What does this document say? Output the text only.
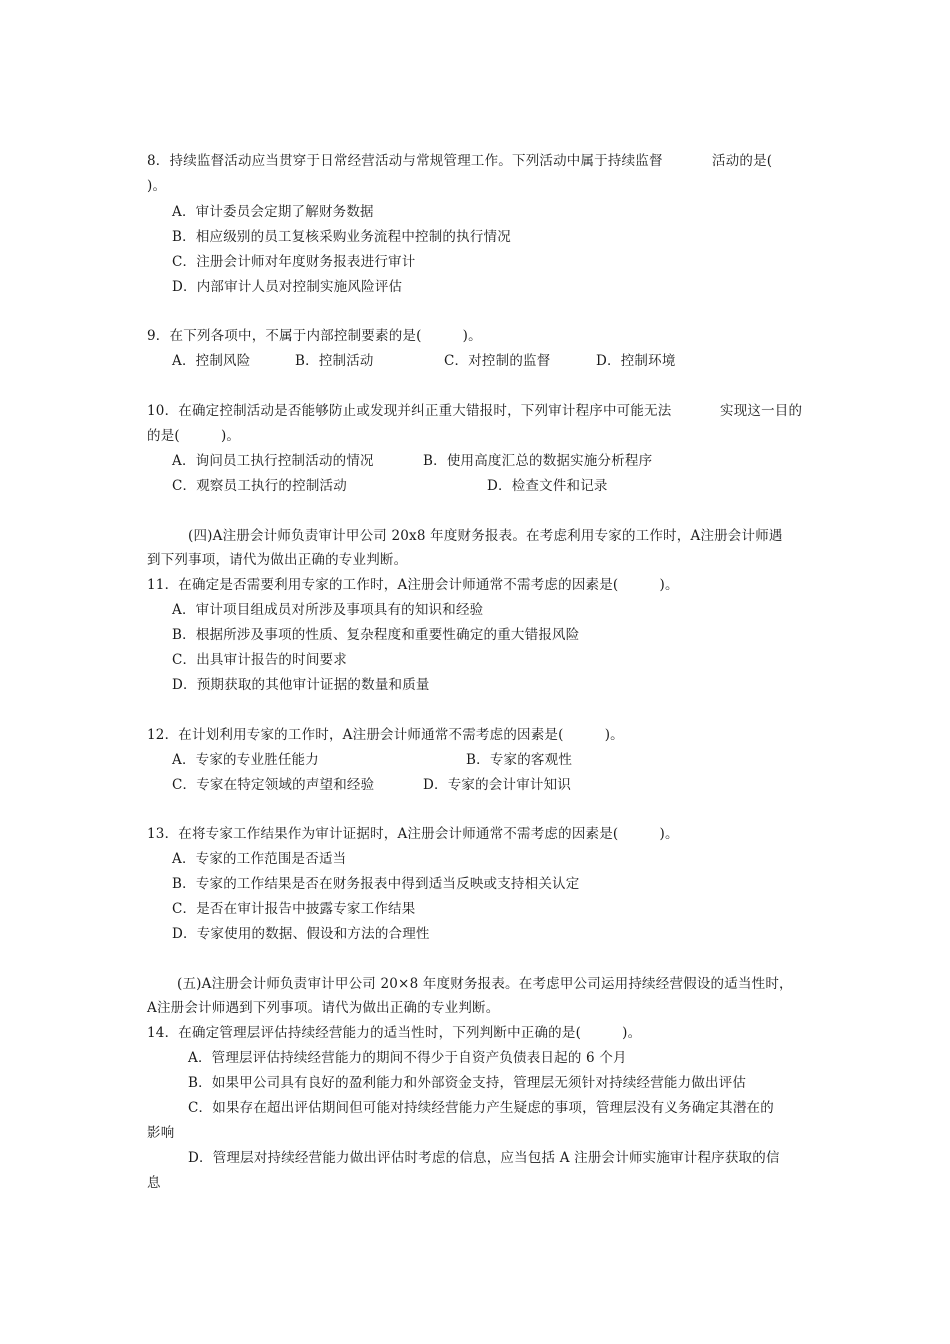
8．持续监督活动应当贯穿于日常经营活动与常规管理工作。下列活动中属于持续监督	活动的是(
)。
A．审计委员会定期了解财务数据
B．相应级别的员工复核采购业务流程中控制的执行情况
C．注册会计师对年度财务报表进行审计
D．内部审计人员对控制实施风险评估
9．在下列各项中，不属于内部控制要素的是(　　　)。
A．控制风险	B．控制活动	C．对控制的监督	D．控制环境
10．在确定控制活动是否能够防止或发现并纠正重大错报时，下列审计程序中可能无法	实现这一目的
的是(　　　)。
A．询问员工执行控制活动的情况	B．使用高度汇总的数据实施分析程序
C．观察员工执行的控制活动	D．检查文件和记录
(四)A注册会计师负责审计甲公司 20x8 年度财务报表。在考虑利用专家的工作时，A注册会计师遇
到下列事项，请代为做出正确的专业判断。
11．在确定是否需要利用专家的工作时，A注册会计师通常不需考虑的因素是(　　　)。
A．审计项目组成员对所涉及事项具有的知识和经验
B．根据所涉及事项的性质、复杂程度和重要性确定的重大错报风险
C．出具审计报告的时间要求
D．预期获取的其他审计证据的数量和质量
12．在计划利用专家的工作时，A注册会计师通常不需考虑的因素是(　　　)。
A．专家的专业胜任能力	B．专家的客观性
C．专家在特定领域的声望和经验	D．专家的会计审计知识
13．在将专家工作结果作为审计证据时，A注册会计师通常不需考虑的因素是(　　　)。
A．专家的工作范围是否适当
B．专家的工作结果是否在财务报表中得到适当反映或支持相关认定
C．是否在审计报告中披露专家工作结果
D．专家使用的数据、假设和方法的合理性
(五)A注册会计师负责审计甲公司 20×8 年度财务报表。在考虑甲公司运用持续经营假设的适当性时，
A注册会计师遇到下列事项。请代为做出正确的专业判断。
14．在确定管理层评估持续经营能力的适当性时，下列判断中正确的是(　　　)。
A．管理层评估持续经营能力的期间不得少于自资产负债表日起的 6 个月
B．如果甲公司具有良好的盈利能力和外部资金支持，管理层无须针对持续经营能力做出评估
C．如果存在超出评估期间但可能对持续经营能力产生疑虑的事项，管理层没有义务确定其潜在的
影响
D．管理层对持续经营能力做出评估时考虑的信息，应当包括 A 注册会计师实施审计程序获取的信
息
